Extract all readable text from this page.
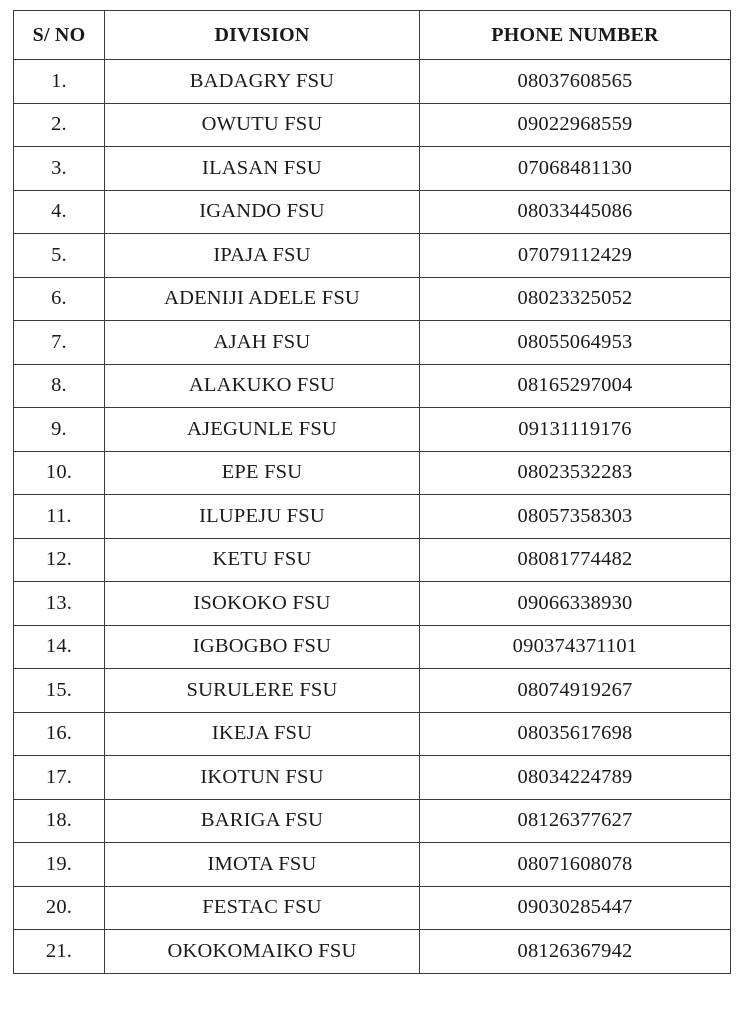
S/ NO	DIVISION	PHONE NUMBER
1.	BADAGRY FSU	08037608565
2.	OWUTU FSU	09022968559
3.	ILASAN FSU	07068481130
4.	IGANDO FSU	08033445086
5.	IPAJA FSU	07079112429
6.	ADENIJI ADELE FSU	08023325052
7.	AJAH FSU	08055064953
8.	ALAKUKO FSU	08165297004
9.	AJEGUNLE FSU	09131119176
10.	EPE FSU	08023532283
11.	ILUPEJU FSU	08057358303
12.	KETU FSU	08081774482
13.	ISOKOKO FSU	09066338930
14.	IGBOGBO FSU	090374371101
15.	SURULERE FSU	08074919267
16.	IKEJA FSU	08035617698
17.	IKOTUN FSU	08034224789
18.	BARIGA FSU	08126377627
19.	IMOTA FSU	08071608078
20.	FESTAC FSU	09030285447
21.	OKOKOMAIKO FSU	08126367942
